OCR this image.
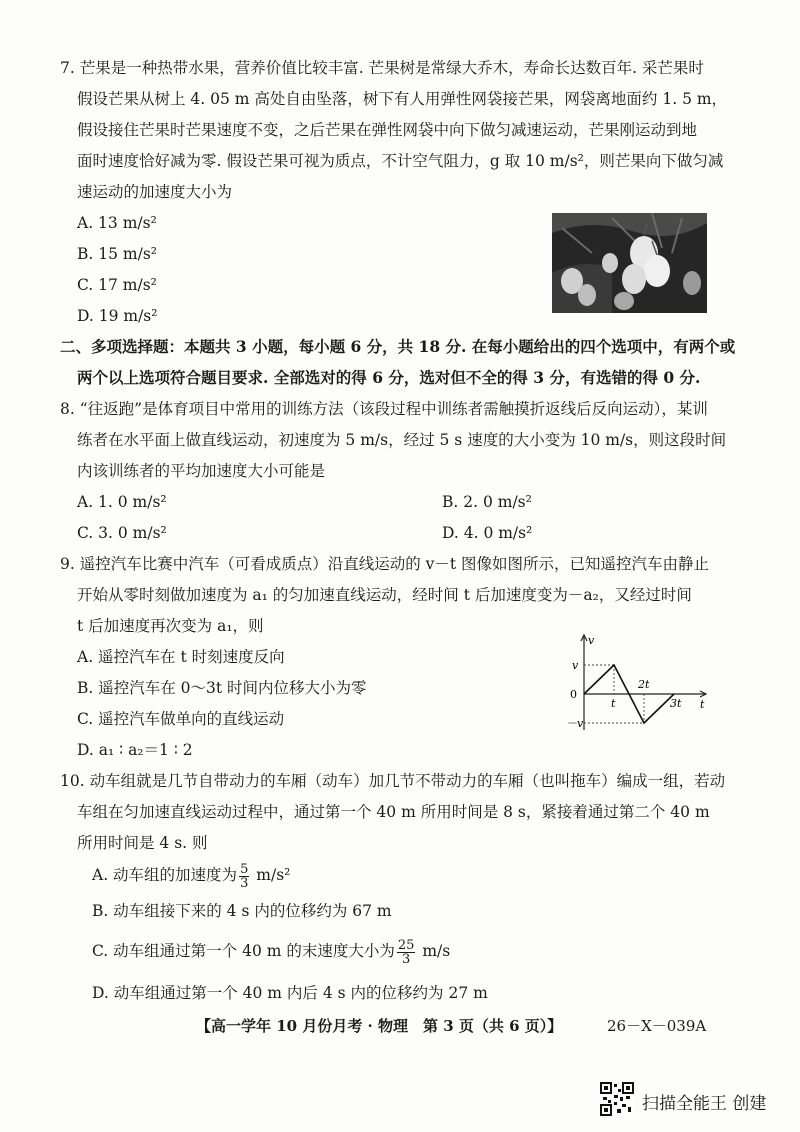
7. 芒果是一种热带水果，营养价值比较丰富. 芒果树是常绿大乔木，寿命长达数百年. 采芒果时
假设芒果从树上 4. 05 m 高处自由坠落，树下有人用弹性网袋接芒果，网袋离地面约 1. 5 m，
假设接住芒果时芒果速度不变，之后芒果在弹性网袋中向下做匀减速运动，芒果刚运动到地
面时速度恰好减为零. 假设芒果可视为质点，不计空气阻力，g 取 10 m/s²，则芒果向下做匀减
速运动的加速度大小为
A. 13 m/s²
B. 15 m/s²
C. 17 m/s²
D. 19 m/s²
二、多项选择题：本题共 3 小题，每小题 6 分，共 18 分. 在每小题给出的四个选项中，有两个或
两个以上选项符合题目要求. 全部选对的得 6 分，选对但不全的得 3 分，有选错的得 0 分.
8. “往返跑”是体育项目中常用的训练方法（该段过程中训练者需触摸折返线后反向运动），某训
练者在水平面上做直线运动，初速度为 5 m/s，经过 5 s 速度的大小变为 10 m/s，则这段时间
内该训练者的平均加速度大小可能是
A. 1. 0 m/s²	B. 2. 0 m/s²
C. 3. 0 m/s²	D. 4. 0 m/s²
9. 遥控汽车比赛中汽车（可看成质点）沿直线运动的 v－t 图像如图所示，已知遥控汽车由静止
开始从零时刻做加速度为 a₁ 的匀加速直线运动，经时间 t 后加速度变为－a₂，又经过时间
t 后加速度再次变为 a₁，则
A. 遥控汽车在 t 时刻速度反向
B. 遥控汽车在 0～3t 时间内位移大小为零
C. 遥控汽车做单向的直线运动
D. a₁ ∶ a₂＝1 ∶ 2
v
t
0
v
－v
t
2t
3t
10. 动车组就是几节自带动力的车厢（动车）加几节不带动力的车厢（也叫拖车）编成一组，若动
车组在匀加速直线运动过程中，通过第一个 40 m 所用时间是 8 s，紧接着通过第二个 40 m
所用时间是 4 s. 则
A. 动车组的加速度为 $\frac{5}{3} m/s^2$
B. 动车组接下来的 4 s 内的位移约为 67 m
C. 动车组通过第一个 40 m 的末速度大小为 $\frac{25}{3} m/s$
D. 动车组通过第一个 40 m 内后 4 s 内的位移约为 27 m
【高一学年 10 月份月考 · 物理　第 3 页（共 6 页）】	26－X－039A
扫描全能王 创建
